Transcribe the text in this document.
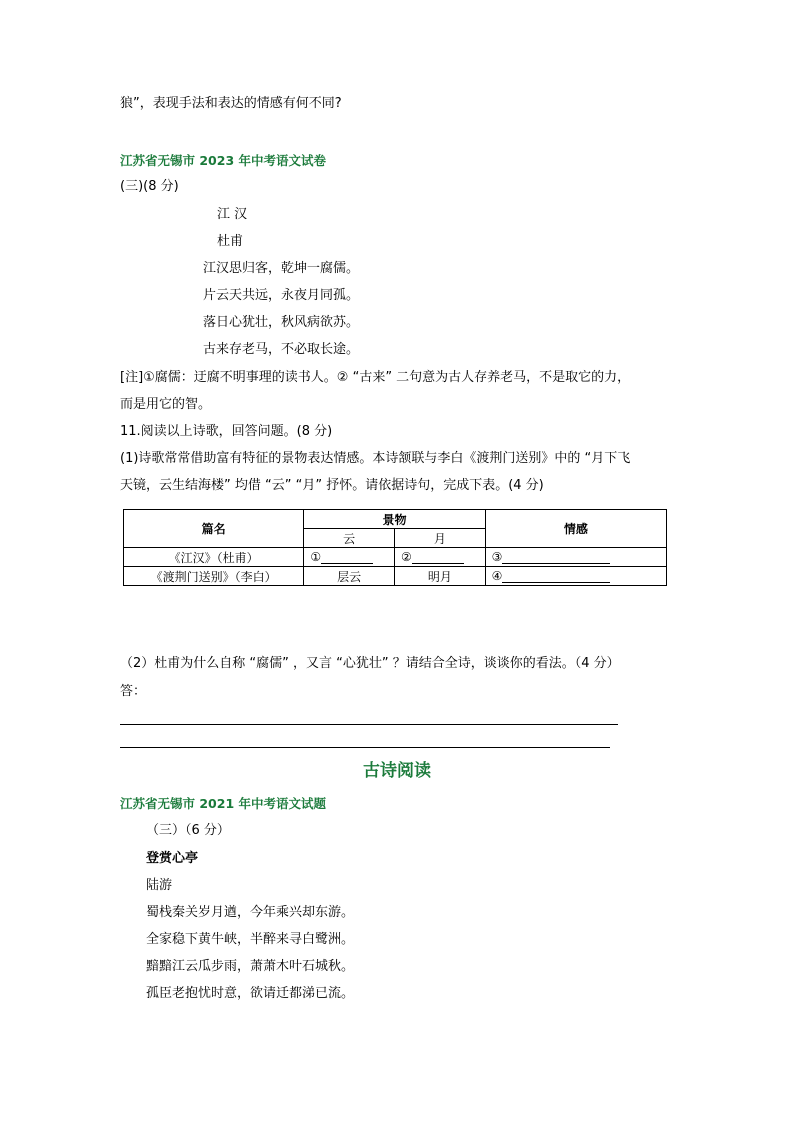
狼”，表现手法和表达的情感有何不同?
江苏省无锡市 2023 年中考语文试卷
(三)(8 分)
江 汉
杜甫
江汉思归客，乾坤一腐儒。
片云天共远，永夜月同孤。
落日心犹壮，秋风病欲苏。
古来存老马，不必取长途。
[注]①腐儒：迂腐不明事理的读书人。② “古来” 二句意为古人存养老马，不是取它的力，
而是用它的智。
11.阅读以上诗歌，回答问题。(8 分)
(1)诗歌常常借助富有特征的景物表达情感。本诗颔联与李白《渡荆门送别》中的 “月下飞
天镜，云生结海楼” 均借 “云” “月” 抒怀。请依据诗句，完成下表。(4 分)
篇名	景物		情感
	云	月	
《江汉》（杜甫）	①	②	③
《渡荆门送别》（李白）	层云	明月	④
（2）杜甫为什么自称 “腐儒” ，又言 “心犹壮” ？请结合全诗，谈谈你的看法。（4 分）
答：
古诗阅读
江苏省无锡市 2021 年中考语文试题
（三）（6 分）
登赏心亭
陆游
蜀栈秦关岁月遒，今年乘兴却东游。
全家稳下黄牛峡，半醉来寻白鹭洲。
黯黯江云瓜步雨，萧萧木叶石城秋。
孤臣老抱忧时意，欲请迁都涕已流。
